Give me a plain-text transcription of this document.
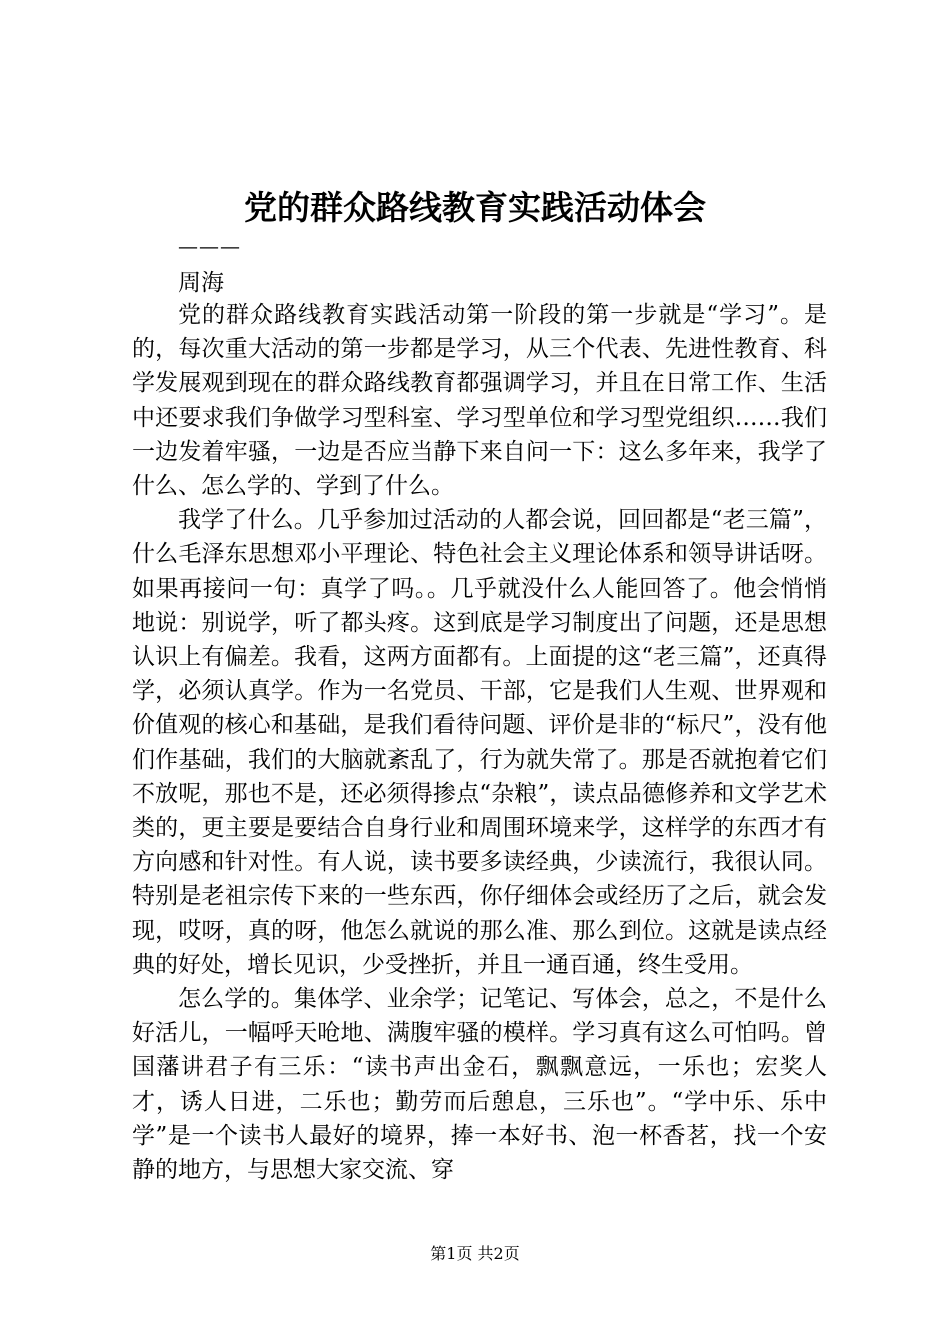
党的群众路线教育实践活动体会
———
周海

党的群众路线教育实践活动第一阶段的第一步就是“学习”。是的，每次重大活动的第一步都是学习，从三个代表、先进性教育、科学发展观到现在的群众路线教育都强调学习，并且在日常工作、生活中还要求我们争做学习型科室、学习型单位和学习型党组织……我们一边发着牢骚，一边是否应当静下来自问一下：这么多年来，我学了什么、怎么学的、学到了什么。

我学了什么。几乎参加过活动的人都会说，回回都是“老三篇”，什么毛泽东思想邓小平理论、特色社会主义理论体系和领导讲话呀。如果再接问一句：真学了吗。。几乎就没什么人能回答了。他会悄悄地说：别说学，听了都头疼。这到底是学习制度出了问题，还是思想认识上有偏差。我看，这两方面都有。上面提的这“老三篇”，还真得学，必须认真学。作为一名党员、干部，它是我们人生观、世界观和价值观的核心和基础，是我们看待问题、评价是非的“标尺”，没有他们作基础，我们的大脑就紊乱了，行为就失常了。那是否就抱着它们不放呢，那也不是，还必须得掺点“杂粮”，读点品德修养和文学艺术类的，更主要是要结合自身行业和周围环境来学，这样学的东西才有方向感和针对性。有人说，读书要多读经典，少读流行，我很认同。特别是老祖宗传下来的一些东西，你仔细体会或经历了之后，就会发现，哎呀，真的呀，他怎么就说的那么准、那么到位。这就是读点经典的好处，增长见识，少受挫折，并且一通百通，终生受用。

怎么学的。集体学、业余学；记笔记、写体会，总之，不是什么好活儿，一幅呼天呛地、满腹牢骚的模样。学习真有这么可怕吗。曾国藩讲君子有三乐：“读书声出金石，飘飘意远，一乐也；宏奖人才，诱人日进，二乐也；勤劳而后憩息，三乐也”。“学中乐、乐中学”是一个读书人最好的境界，捧一本好书、泡一杯香茗，找一个安静的地方，与思想大家交流、穿

第1页 共2页
